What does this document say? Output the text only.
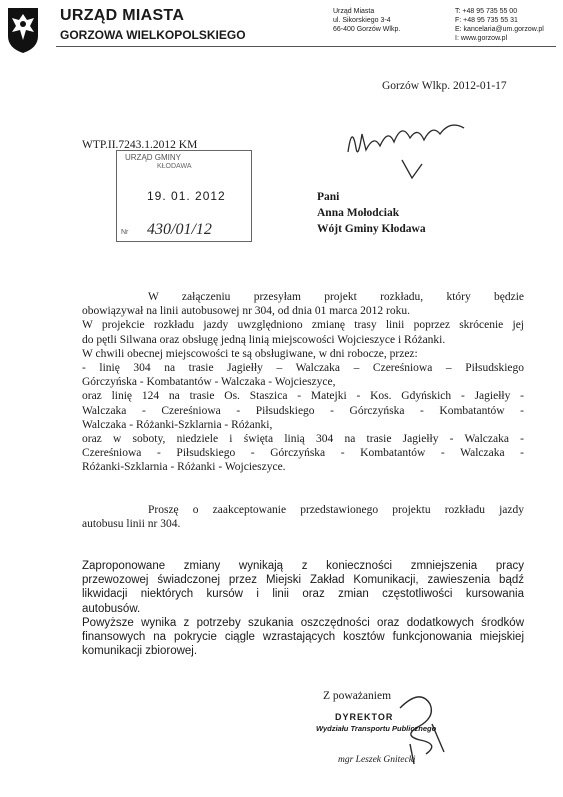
URZĄD MIASTA
GORZOWA WIELKOPOLSKIEGO
Urząd Miasta
ul. Sikorskiego 3-4
66-400 Gorzów Wlkp.
T: +48 95 735 55 00
F: +48 95 735 55 31
E: kancelaria@um.gorzow.pl
I: www.gorzow.pl
Gorzów Wlkp. 2012-01-17
WTP.II.7243.1.2012 KM
URZĄD GMINY
KŁODAWA
19. 01. 2012
Nr 430/01/12
Pani
Anna Mołodciak
Wójt Gminy Kłodawa
W załączeniu przesyłam projekt rozkładu, który będzie
obowiązywał na linii autobusowej nr 304, od dnia 01 marca 2012 roku.
W projekcie rozkładu jazdy uwzględniono zmianę trasy linii poprzez skrócenie jej
do pętli Silwana oraz obsługę jedną linią miejscowości Wojcieszyce i Różanki.
W chwili obecnej miejscowości te są obsługiwane, w dni robocze, przez:
- linię 304 na trasie Jagiełły – Walczaka – Czereśniowa – Piłsudskiego
Górczyńska - Kombatantów - Walczaka - Wojcieszyce,
oraz linię 124 na trasie Os. Staszica - Matejki - Kos. Gdyńskich - Jagiełły -
Walczaka - Czereśniowa - Piłsudskiego - Górczyńska - Kombatantów -
Walczaka - Różanki-Szklarnia - Różanki,
oraz w soboty, niedziele i święta linią 304 na trasie Jagiełły - Walczaka -
Czereśniowa - Piłsudskiego - Górczyńska - Kombatantów - Walczaka -
Różanki-Szklarnia - Różanki - Wojcieszyce.
Proszę o zaakceptowanie przedstawionego projektu rozkładu jazdy
autobusu linii nr 304.
Zaproponowane zmiany wynikają z konieczności zmniejszenia pracy
przewozowej świadczonej przez Miejski Zakład Komunikacji, zawieszenia bądź
likwidacji niektórych kursów i linii oraz zmian częstotliwości kursowania
autobusów.
Powyższe wynika z potrzeby szukania oszczędności oraz dodatkowych środków
finansowych na pokrycie ciągle wzrastających kosztów funkcjonowania miejskiej
komunikacji zbiorowej.
Z poważaniem
DYREKTOR
Wydziału Transportu Publicznego
mgr Leszek Gnitecki
